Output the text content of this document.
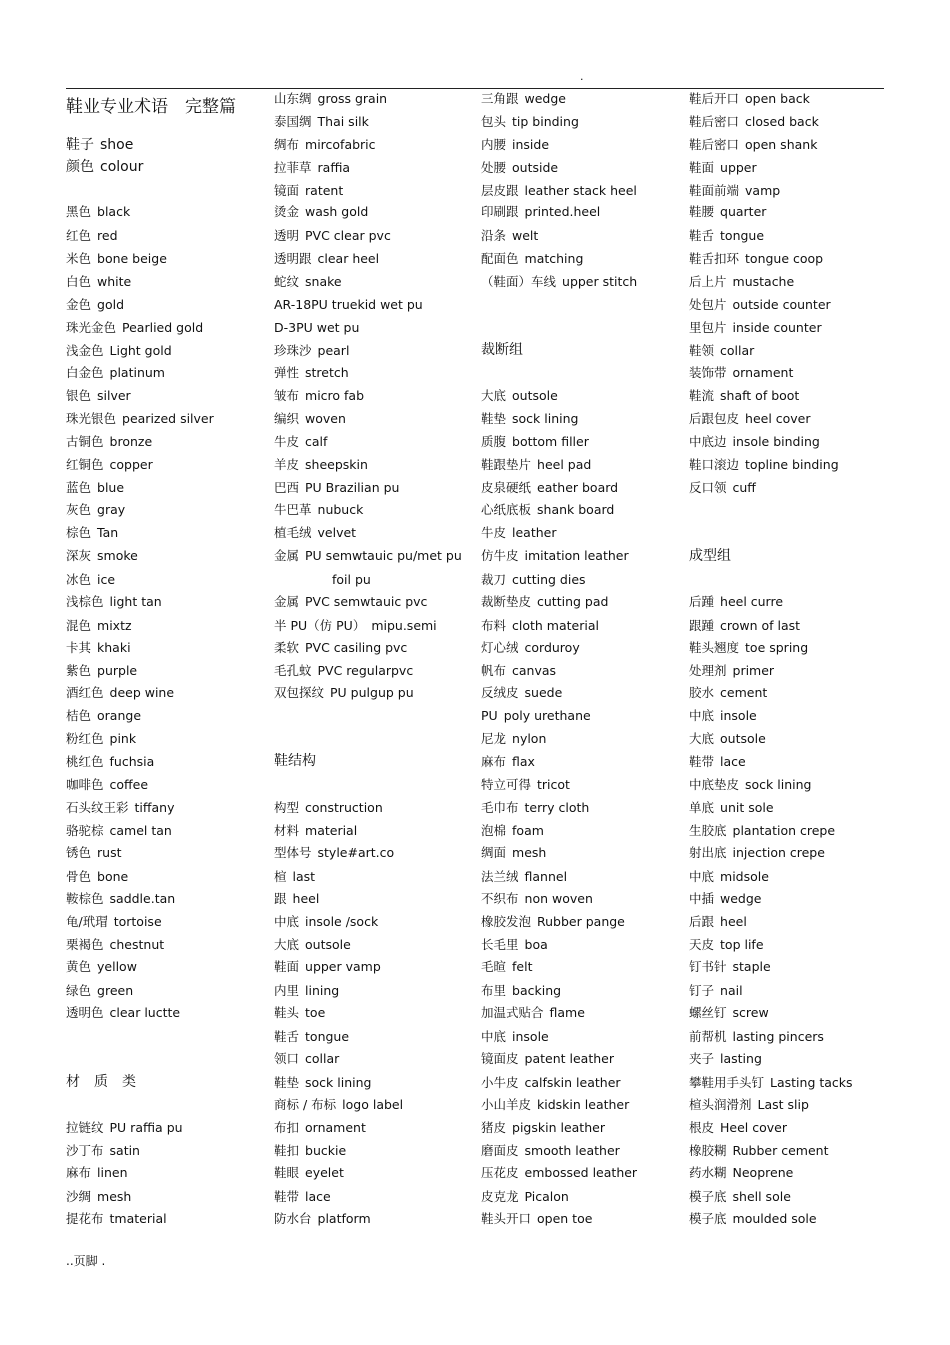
.
鞋业专业术语　完整篇
鞋子 shoe
颜色 colour
黑色 black
红色 red
米色 bone beige
白色 white
金色 gold
珠光金色 Pearlied gold
浅金色 Light gold
白金色 platinum
银色 silver
珠光银色 pearized silver
古铜色 bronze
红铜色 copper
蓝色 blue
灰色 gray
棕色 Tan
深灰 smoke
冰色 ice
浅棕色 light tan
混色 mixtz
卡其 khaki
紫色 purple
酒红色 deep wine
桔色 orange
粉红色 pink
桃红色 fuchsia
咖啡色 coffee
石头纹王彩 tiffany
骆驼棕 camel tan
锈色 rust
骨色 bone
鞍棕色 saddle.tan
龟/玳瑁 tortoise
栗褐色 chestnut
黄色 yellow
绿色 green
透明色 clear luctte
材　质　类
拉链纹 PU raffia pu
沙丁布 satin
麻布 linen
沙绸 mesh
提花布 tmaterial
山东绸 gross grain
泰国绸 Thai silk
绸布 mircofabric
拉菲草 raffia
镜面 ratent
烫金 wash gold
透明 PVC clear pvc
透明跟 clear heel
蛇纹 snake
AR-18PU truekid wet pu
D-3PU wet pu
珍珠沙 pearl
弹性 stretch
皱布 micro fab
编织 woven
牛皮 calf
羊皮 sheepskin
巴西 PU Brazilian pu
牛巴革 nubuck
植毛绒 velvet
金属 PU semwtauic pu/met pu
foil pu
金属 PVC semwtauic pvc
半 PU（仿 PU） mipu.semi
柔软 PVC casiling pvc
毛孔蚊 PVC regularpvc
双包探纹 PU pulgup pu
鞋结构
构型 construction
材料 material
型体号 style#art.co
楦 last
跟 heel
中底 insole /sock
大底 outsole
鞋面 upper vamp
内里 lining
鞋头 toe
鞋舌 tongue
领口 collar
鞋垫 sock lining
商标 / 布标 logo label
布扣 ornament
鞋扣 buckie
鞋眼 eyelet
鞋带 lace
防水台 platform
三角跟 wedge
包头 tip binding
内腰 inside
处腰 outside
层皮跟 leather stack heel
印刷跟 printed.heel
沿条 welt
配面色 matching
（鞋面）车线 upper stitch
裁断组
大底 outsole
鞋垫 sock lining
质腹 bottom filler
鞋跟垫片 heel pad
皮泉硬纸 eather board
心纸底板 shank board
牛皮 leather
仿牛皮 imitation leather
裁刀 cutting dies
裁断垫皮 cutting pad
布料 cloth material
灯心绒 corduroy
帆布 canvas
反绒皮 suede
PU poly urethane
尼龙 nylon
麻布 flax
特立可得 tricot
毛巾布 terry cloth
泡棉 foam
绸面 mesh
法兰绒 flannel
不织布 non woven
橡胶发泡 Rubber pange
长毛里 boa
毛暄 felt
布里 backing
加温式贴合 flame
中底 insole
镜面皮 patent leather
小牛皮 calfskin leather
小山羊皮 kidskin leather
猪皮 pigskin leather
磨面皮 smooth leather
压花皮 embossed leather
皮克龙 Picalon
鞋头开口 open toe
鞋后开口 open back
鞋后密口 closed back
鞋后密口 open shank
鞋面 upper
鞋面前端 vamp
鞋腰 quarter
鞋舌 tongue
鞋舌扣环 tongue coop
后上片 mustache
处包片 outside counter
里包片 inside counter
鞋领 collar
装饰带 ornament
鞋流 shaft of boot
后跟包皮 heel cover
中底边 insole binding
鞋口滚边 topline binding
反口领 cuff
成型组
后踵 heel curre
跟踵 crown of last
鞋头翘度 toe spring
处理剂 primer
胶水 cement
中底 insole
大底 outsole
鞋带 lace
中底垫皮 sock lining
单底 unit sole
生胶底 plantation crepe
射出底 injection crepe
中底 midsole
中插 wedge
后跟 heel
天皮 top life
钉书针 staple
钉子 nail
螺丝钉 screw
前帮机 lasting pincers
夹子 lasting
攀鞋用手头钉 Lasting tacks
楦头润滑剂 Last slip
根皮 Heel cover
橡胶糊 Rubber cement
药水糊 Neoprene
模子底 shell sole
模子底 moulded sole
..页脚 .
